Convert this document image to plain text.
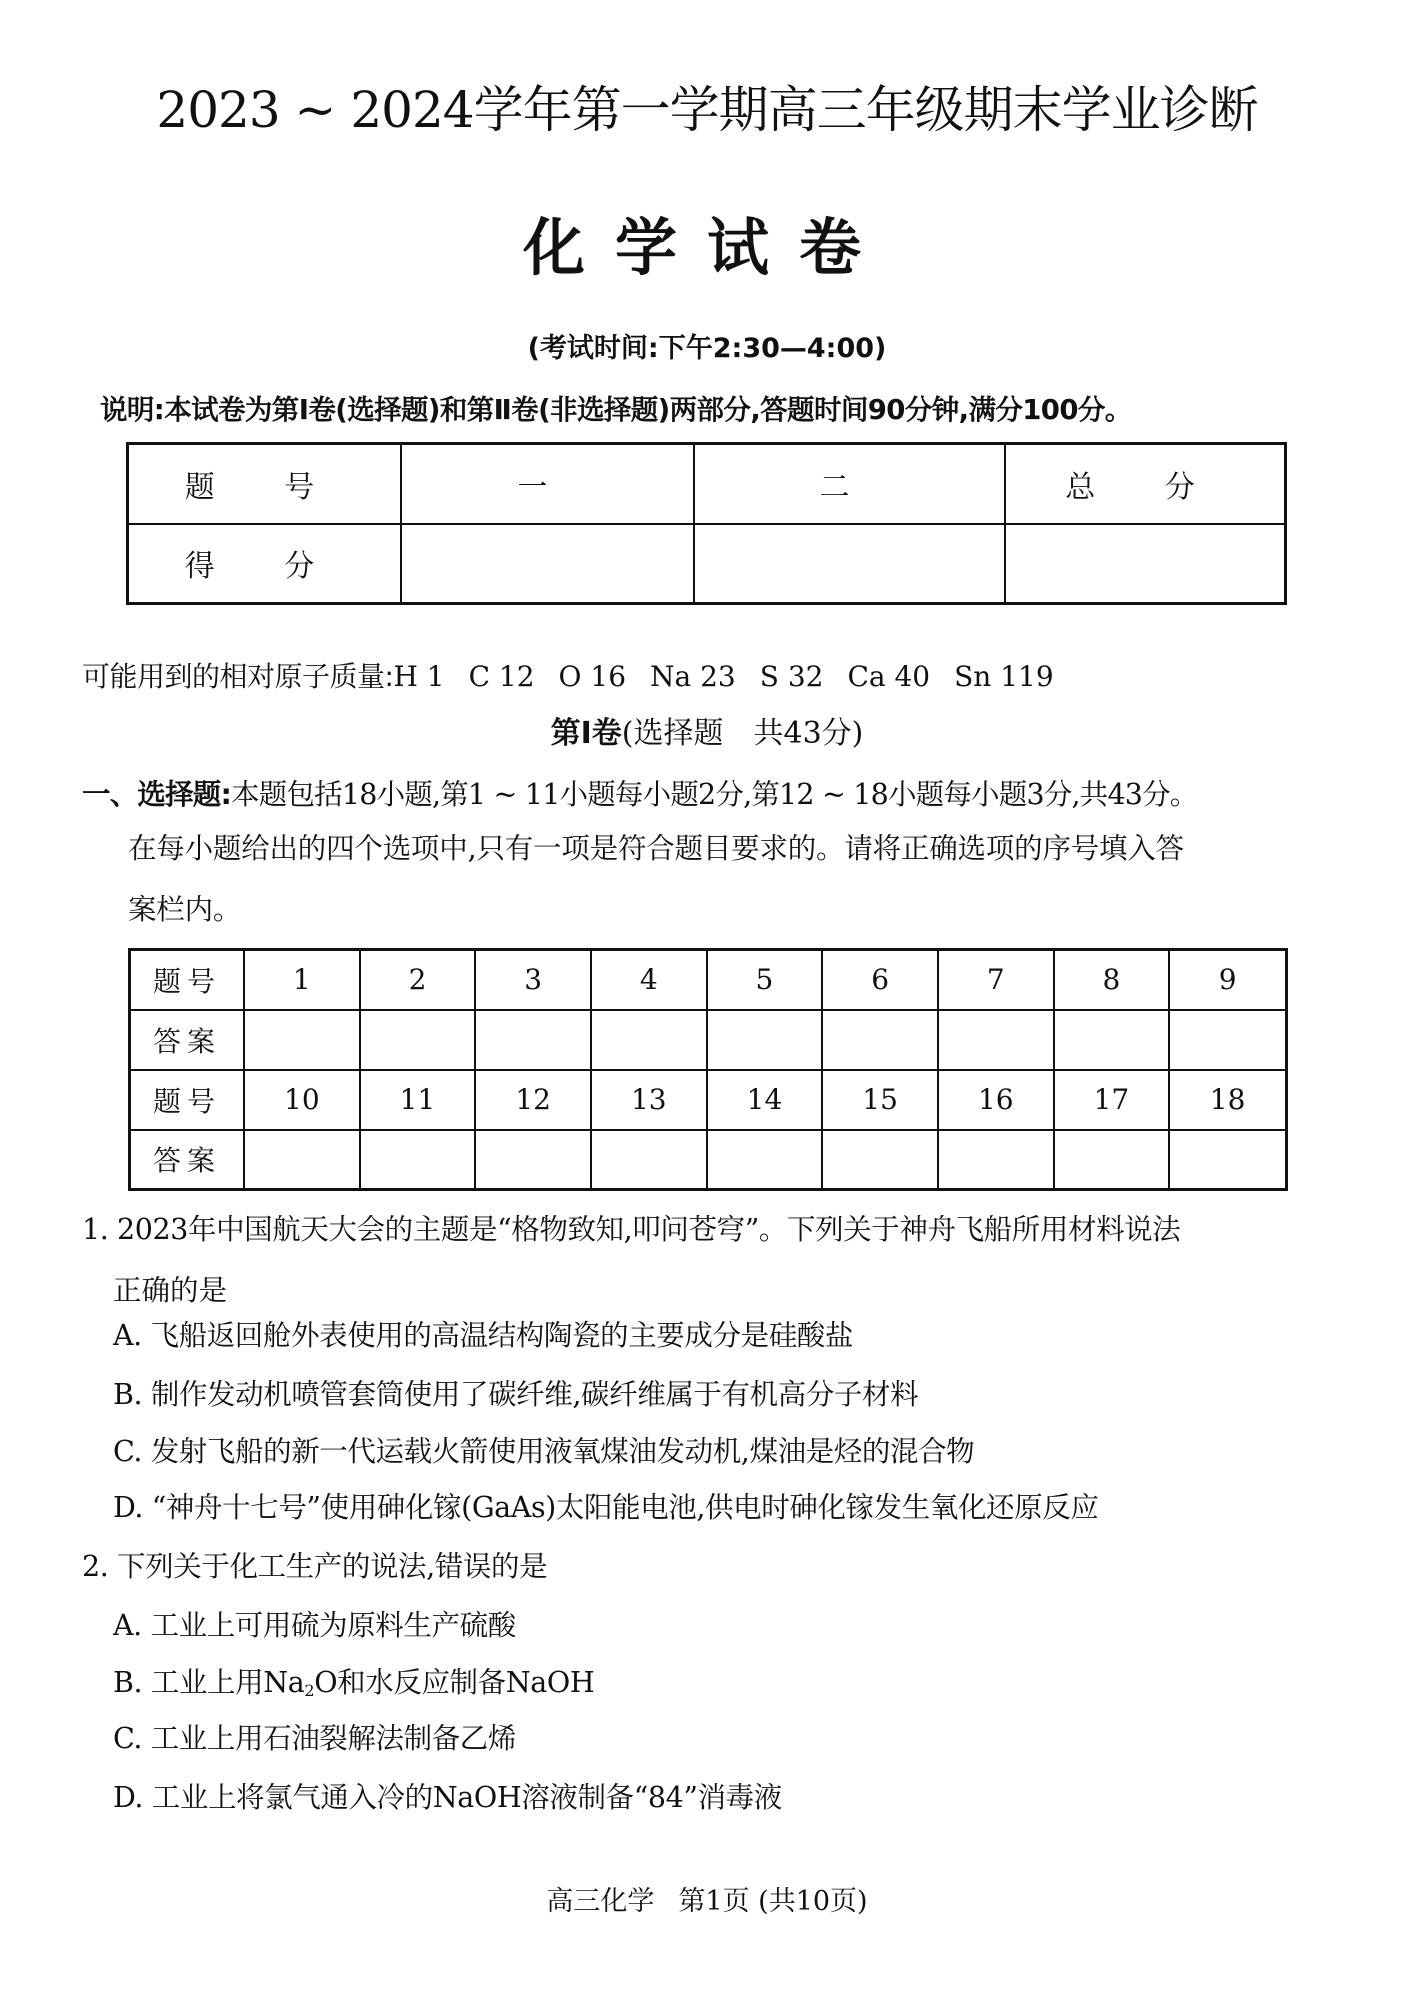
2023 ~ 2024学年第一学期高三年级期末学业诊断
化学试卷
(考试时间:下午2:30—4:00)
说明:本试卷为第Ⅰ卷(选择题)和第Ⅱ卷(非选择题)两部分,答题时间90分钟,满分100分。
题 号	一	二	总 分
得 分			
可能用到的相对原子质量:H 1 C 12 O 16 Na 23 S 32 Ca 40 Sn 119
第Ⅰ卷(选择题　共43分)
一、选择题:本题包括18小题,第1 ~ 11小题每小题2分,第12 ~ 18小题每小题3分,共43分。
在每小题给出的四个选项中,只有一项是符合题目要求的。请将正确选项的序号填入答
案栏内。
题号	1	2	3	4	5	6	7	8	9
答案									
题号	10	11	12	13	14	15	16	17	18
答案									
1. 2023年中国航天大会的主题是“格物致知,叩问苍穹”。下列关于神舟飞船所用材料说法
正确的是
A. 飞船返回舱外表使用的高温结构陶瓷的主要成分是硅酸盐
B. 制作发动机喷管套筒使用了碳纤维,碳纤维属于有机高分子材料
C. 发射飞船的新一代运载火箭使用液氧煤油发动机,煤油是烃的混合物
D. “神舟十七号”使用砷化镓(GaAs)太阳能电池,供电时砷化镓发生氧化还原反应
2. 下列关于化工生产的说法,错误的是
A. 工业上可用硫为原料生产硫酸
B. 工业上用$Na_2O$和水反应制备NaOH
C. 工业上用石油裂解法制备乙烯
D. 工业上将氯气通入冷的NaOH溶液制备“84”消毒液
高三化学 第1页 (共10页)
